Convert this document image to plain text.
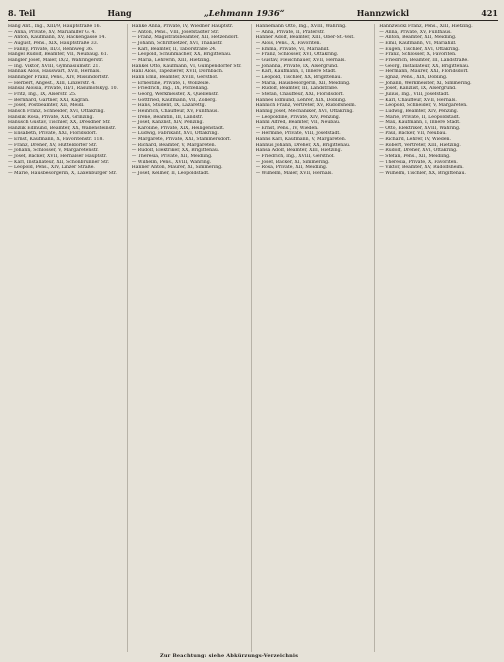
8. Teil	Hang	„Lehmann 1936“	Hannzwickl	421
Hang Ant., Ing., XIII/9, Hauptstraße 16.
— Anna, Private, XV, Mariahilfer G. 4.
— Anton, Kaufmann, XV, Hackengasse 14.
— August, Pens., XIX, Hauptstraße 33.
— Fanny, Private, III/3, Rennweg 36.
Hangel Rudolf, Beamter, VII, Neubaug. 61.
Hangler Josef, Maler, IX/2, Währingerstr.
— Ing. Viktor, XVIII, Gymnasiumstr. 21.
Hannak Alois, Hauswart, XVII, Hernals.
Hanninger Franz, Pens., XIV, Missindorfstr.
— Herbert, Angest., XIII, Linzerstr. 4.
Hansal Aloisia, Private, III/1, Rasumofskyg. 10.
— Fritz, Ing., IX, Alserstr. 25.
— Bernhard, Gärtner, XXI, Kagran.
— Josef, Postbeamter, XII, Meidl.
Hansch Franz, Schneider, XVI, Ottakring.
Hanslik Rosa, Private, XIX, Grinzing.
Hanusch Gustav, Tischler, XX, Dresdner Str.
Hanzlik Edmund, Beamter, XX, Wallensteinstr.
— Elisabeth, Private, XXI, Floridsdorf.
— Ernst, Kaufmann, X, Favoritenstr. 118.
— Franz, Dreher, XV, Hütteldorfer Str.
— Johann, Schlosser, V, Margaretenstr.
— Josef, Bäcker, XVII, Hernalser Hauptstr.
— Karl, Installateur, XII, Schönbrunner Str.
— Leopold, Pens., XIV, Linzer Straße.
— Marie, Hausbesorgerin, X, Laxenburger Str.
Hanke Anna, Private, IV, Wiedner Hauptstr.
— Anton, Pens., VIII, Josefstädter Str.
— Franz, Magistratsbeamter, XII, Hetzendorf.
— Johann, Schriftsetzer, XVI, Thaliastr.
— Karl, Beamter, II, Taborstraße 24.
— Leopold, Schuhmacher, XX, Brigittenau.
— Maria, Lehrerin, XIII, Hietzing.
Hankel Otto, Kaufmann, VI, Gumpendorfer Str.
Hanl Alois, Tapezierer, XVII, Dornbach.
Hann Emil, Beamter, XVIII, Gersthof.
— Ernestine, Private, I, Wollzeile.
— Friedrich, Ing., IX, Porzellang.
— Georg, Werkmeister, X, Quellenstr.
— Gottfried, Kaufmann, VII, Zollerg.
— Hans, Student, IX, Lazarettg.
— Heinrich, Chauffeur, XV, Fünfhaus.
— Irene, Beamtin, III, Landstr.
— Josef, Kanzlist, XIV, Penzing.
— Karoline, Private, XIX, Heiligenstadt.
— Ludwig, Fabrikant, XVI, Ottakring.
— Margarete, Private, XXI, Stammersdorf.
— Richard, Beamter, V, Margareten.
— Rudolf, Elektriker, XX, Brigittenau.
— Theresia, Private, XII, Meidling.
— Wilhelm, Pens., XVIII, Währing.
Hanner Anton, Maurer, XI, Simmering.
— Josef, Kellner, II, Leopoldstadt.
Hannemann Otto, Ing., XVIII, Währing.
— Anna, Private, II, Praterstr.
Hanner Adolf, Beamter, XIII, Ober-St.-Veit.
— Alois, Pens., X, Favoriten.
— Emma, Private, VI, Mariahilf.
— Franz, Schlosser, XVI, Ottakring.
— Gustav, Fleischhauer, XVII, Hernals.
— Johanna, Private, IX, Alsergrund.
— Karl, Kaufmann, I, Innere Stadt.
— Leopold, Tischler, XX, Brigittenau.
— Maria, Hausbesorgerin, XII, Meidling.
— Rudolf, Beamter, III, Landstraße.
— Stefan, Chauffeur, XXI, Floridsdorf.
Hannes Edmund, Lehrer, XIX, Döbling.
Hannich Franz, Vertreter, XV, Rudolfsheim.
Hannig Josef, Mechaniker, XVI, Ottakring.
— Leopoldine, Private, XIV, Penzing.
Hannl Alfred, Beamter, VII, Neubau.
— Ernst, Pens., IV, Wieden.
— Hermine, Private, VIII, Josefstadt.
Hanns Karl, Kaufmann, V, Margareten.
Hannus Johann, Dreher, XX, Brigittenau.
Hansa Adolf, Beamter, XIII, Hietzing.
— Friedrich, Ing., XVIII, Gersthof.
— Josef, Bäcker, XI, Simmering.
— Rosa, Private, XII, Meidling.
— Wilhelm, Maler, XVII, Hernals.
Hannzwickl Franz, Pens., XIII, Hietzing.
— Anna, Private, XV, Fünfhaus.
— Anton, Beamter, XII, Meidling.
— Emil, Kaufmann, VI, Mariahilf.
— Eugen, Tischler, XVI, Ottakring.
— Franz, Schlosser, X, Favoriten.
— Friedrich, Beamter, III, Landstraße.
— Georg, Installateur, XX, Brigittenau.
— Hermann, Maurer, XXI, Floridsdorf.
— Ignaz, Pens., XIX, Döbling.
— Johann, Werkmeister, XI, Simmering.
— Josef, Kanzlist, IX, Alsergrund.
— Julius, Ing., VIII, Josefstadt.
— Karl, Chauffeur, XVII, Hernals.
— Leopold, Schneider, V, Margareten.
— Ludwig, Beamter, XIV, Penzing.
— Marie, Private, II, Leopoldstadt.
— Max, Kaufmann, I, Innere Stadt.
— Otto, Elektriker, XVIII, Währing.
— Paul, Bäcker, VII, Neubau.
— Richard, Lehrer, IV, Wieden.
— Robert, Vertreter, XIII, Hietzing.
— Rudolf, Dreher, XVI, Ottakring.
— Stefan, Pens., XII, Meidling.
— Theresia, Private, X, Favoriten.
— Viktor, Beamter, XV, Rudolfsheim.
— Wilhelm, Tischler, XX, Brigittenau.
Zur Beachtung: siehe Abkürzungs-Verzeichnis
